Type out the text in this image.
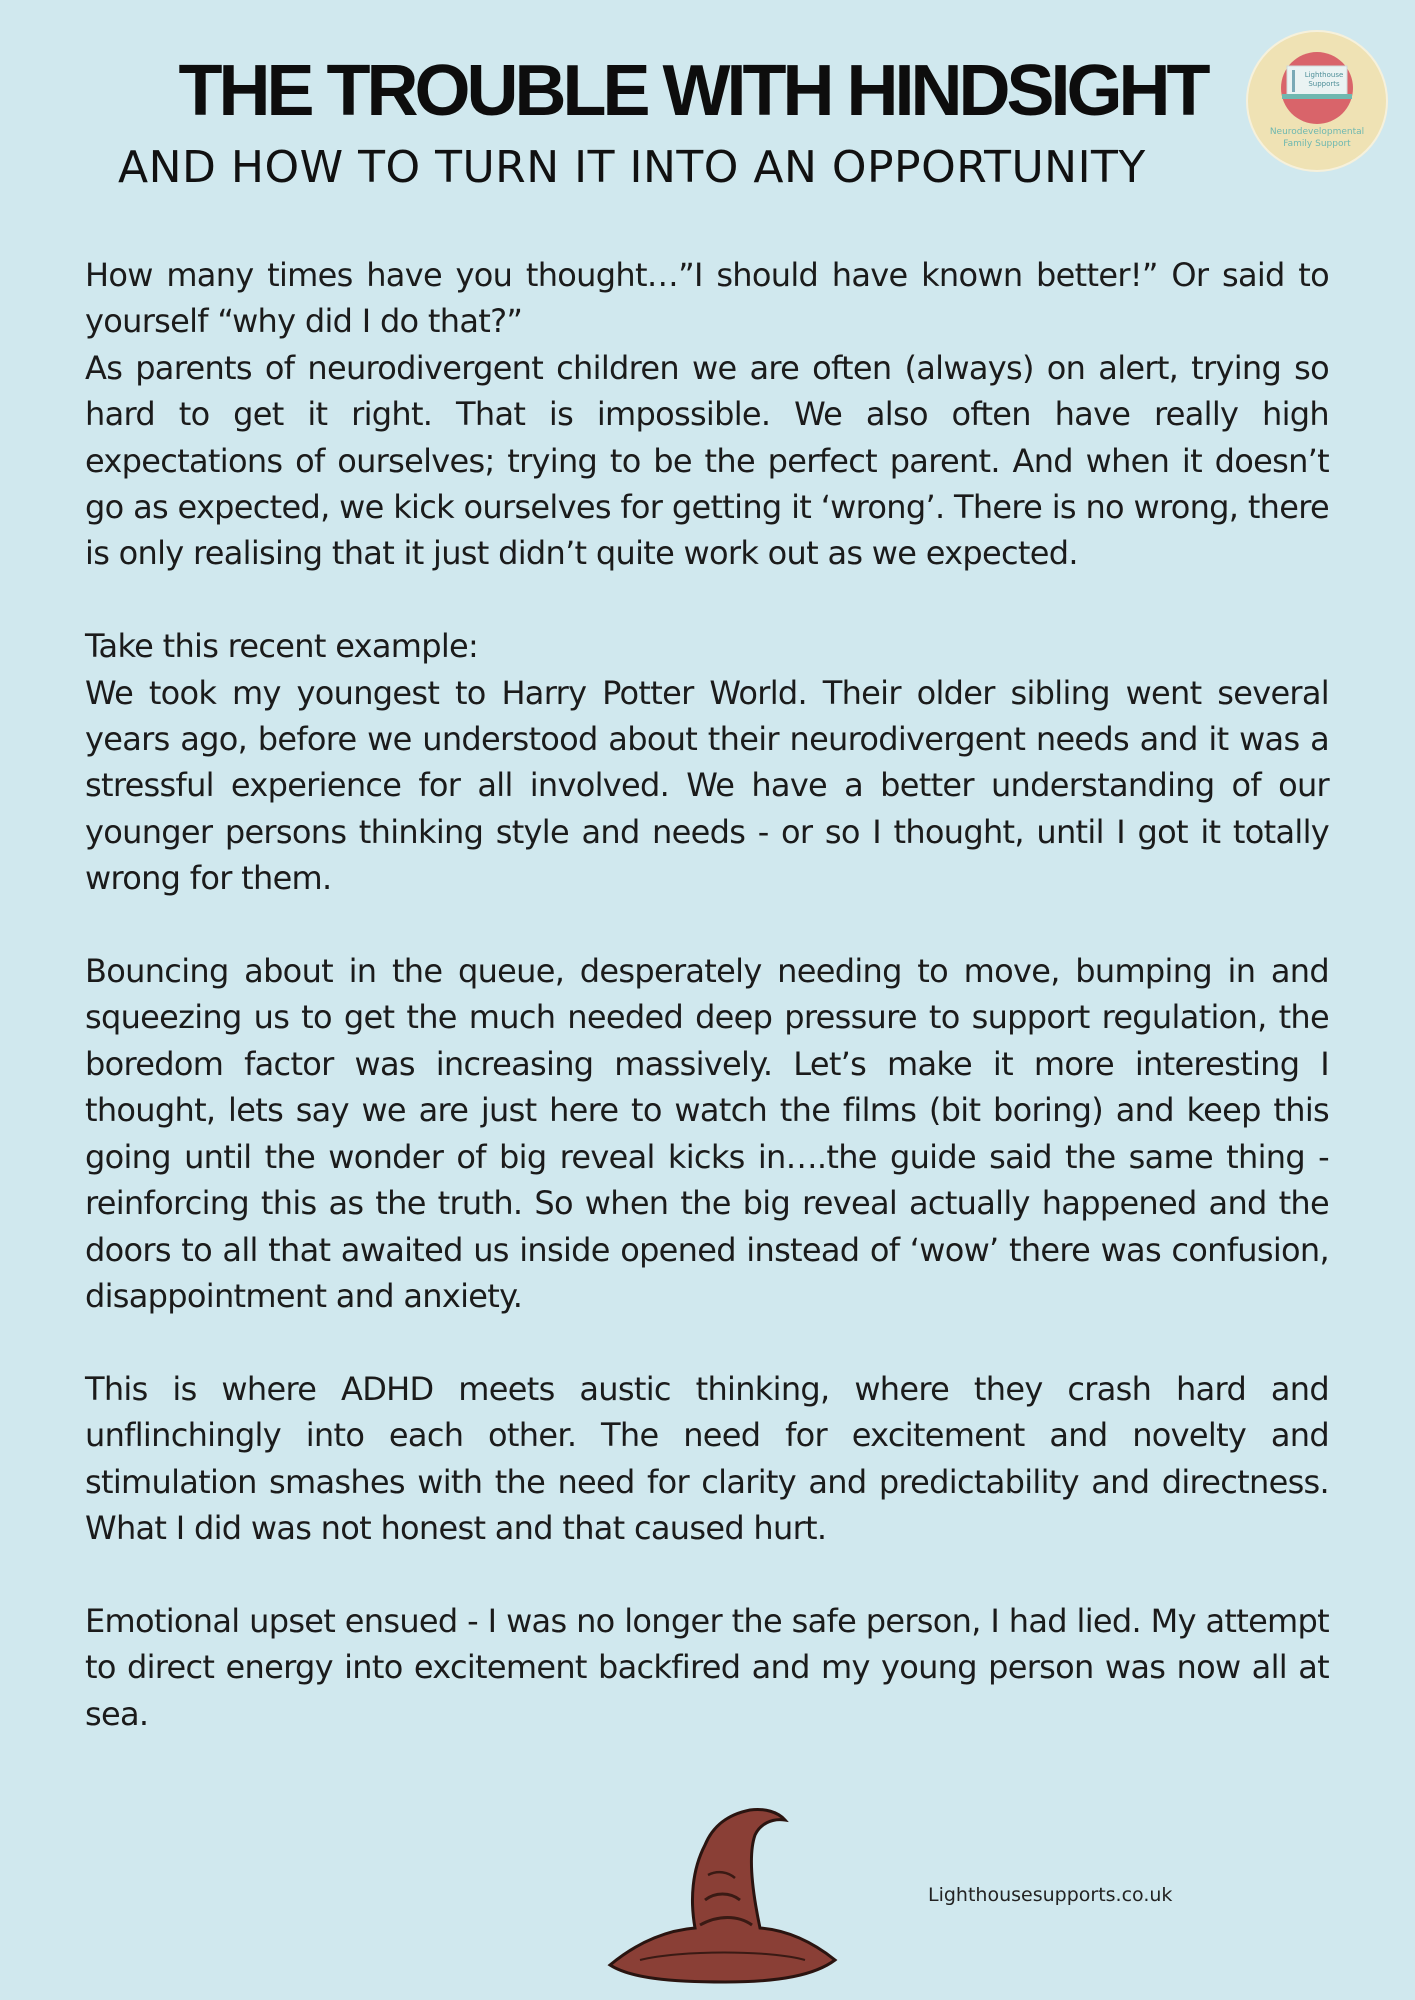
THE TROUBLE WITH HINDSIGHT
AND HOW TO TURN IT INTO AN OPPORTUNITY
Lighthouse
Supports
Neurodevelopmental
Family Support

How many times have you thought…”I should have known better!” Or said to yourself “why did I do that?”
As parents of neurodivergent children we are often (always) on alert, trying so hard to get it right. That is impossible. We also often have really high expectations of ourselves; trying to be the perfect parent. And when it doesn’t go as expected, we kick ourselves for getting it ‘wrong’. There is no wrong, there is only realising that it just didn’t quite work out as we expected.

Take this recent example:
We took my youngest to Harry Potter World. Their older sibling went several years ago, before we understood about their neurodivergent needs and it was a stressful experience for all involved. We have a better understanding of our younger persons thinking style and needs - or so I thought, until I got it totally wrong for them.

Bouncing about in the queue, desperately needing to move, bumping in and squeezing us to get the much needed deep pressure to support regulation, the boredom factor was increasing massively. Let’s make it more interesting I thought, lets say we are just here to watch the films (bit boring) and keep this going until the wonder of big reveal kicks in….the guide said the same thing - reinforcing this as the truth. So when the big reveal actually happened and the doors to all that awaited us inside opened instead of ‘wow’ there was confusion, disappointment and anxiety.

This is where ADHD meets austic thinking, where they crash hard and unflinchingly into each other. The need for excitement and novelty and stimulation smashes with the need for clarity and predictability and directness. What I did was not honest and that caused hurt.

Emotional upset ensued - I was no longer the safe person, I had lied. My attempt to direct energy into excitement backfired and my young person was now all at sea.

Lighthousesupports.co.uk
